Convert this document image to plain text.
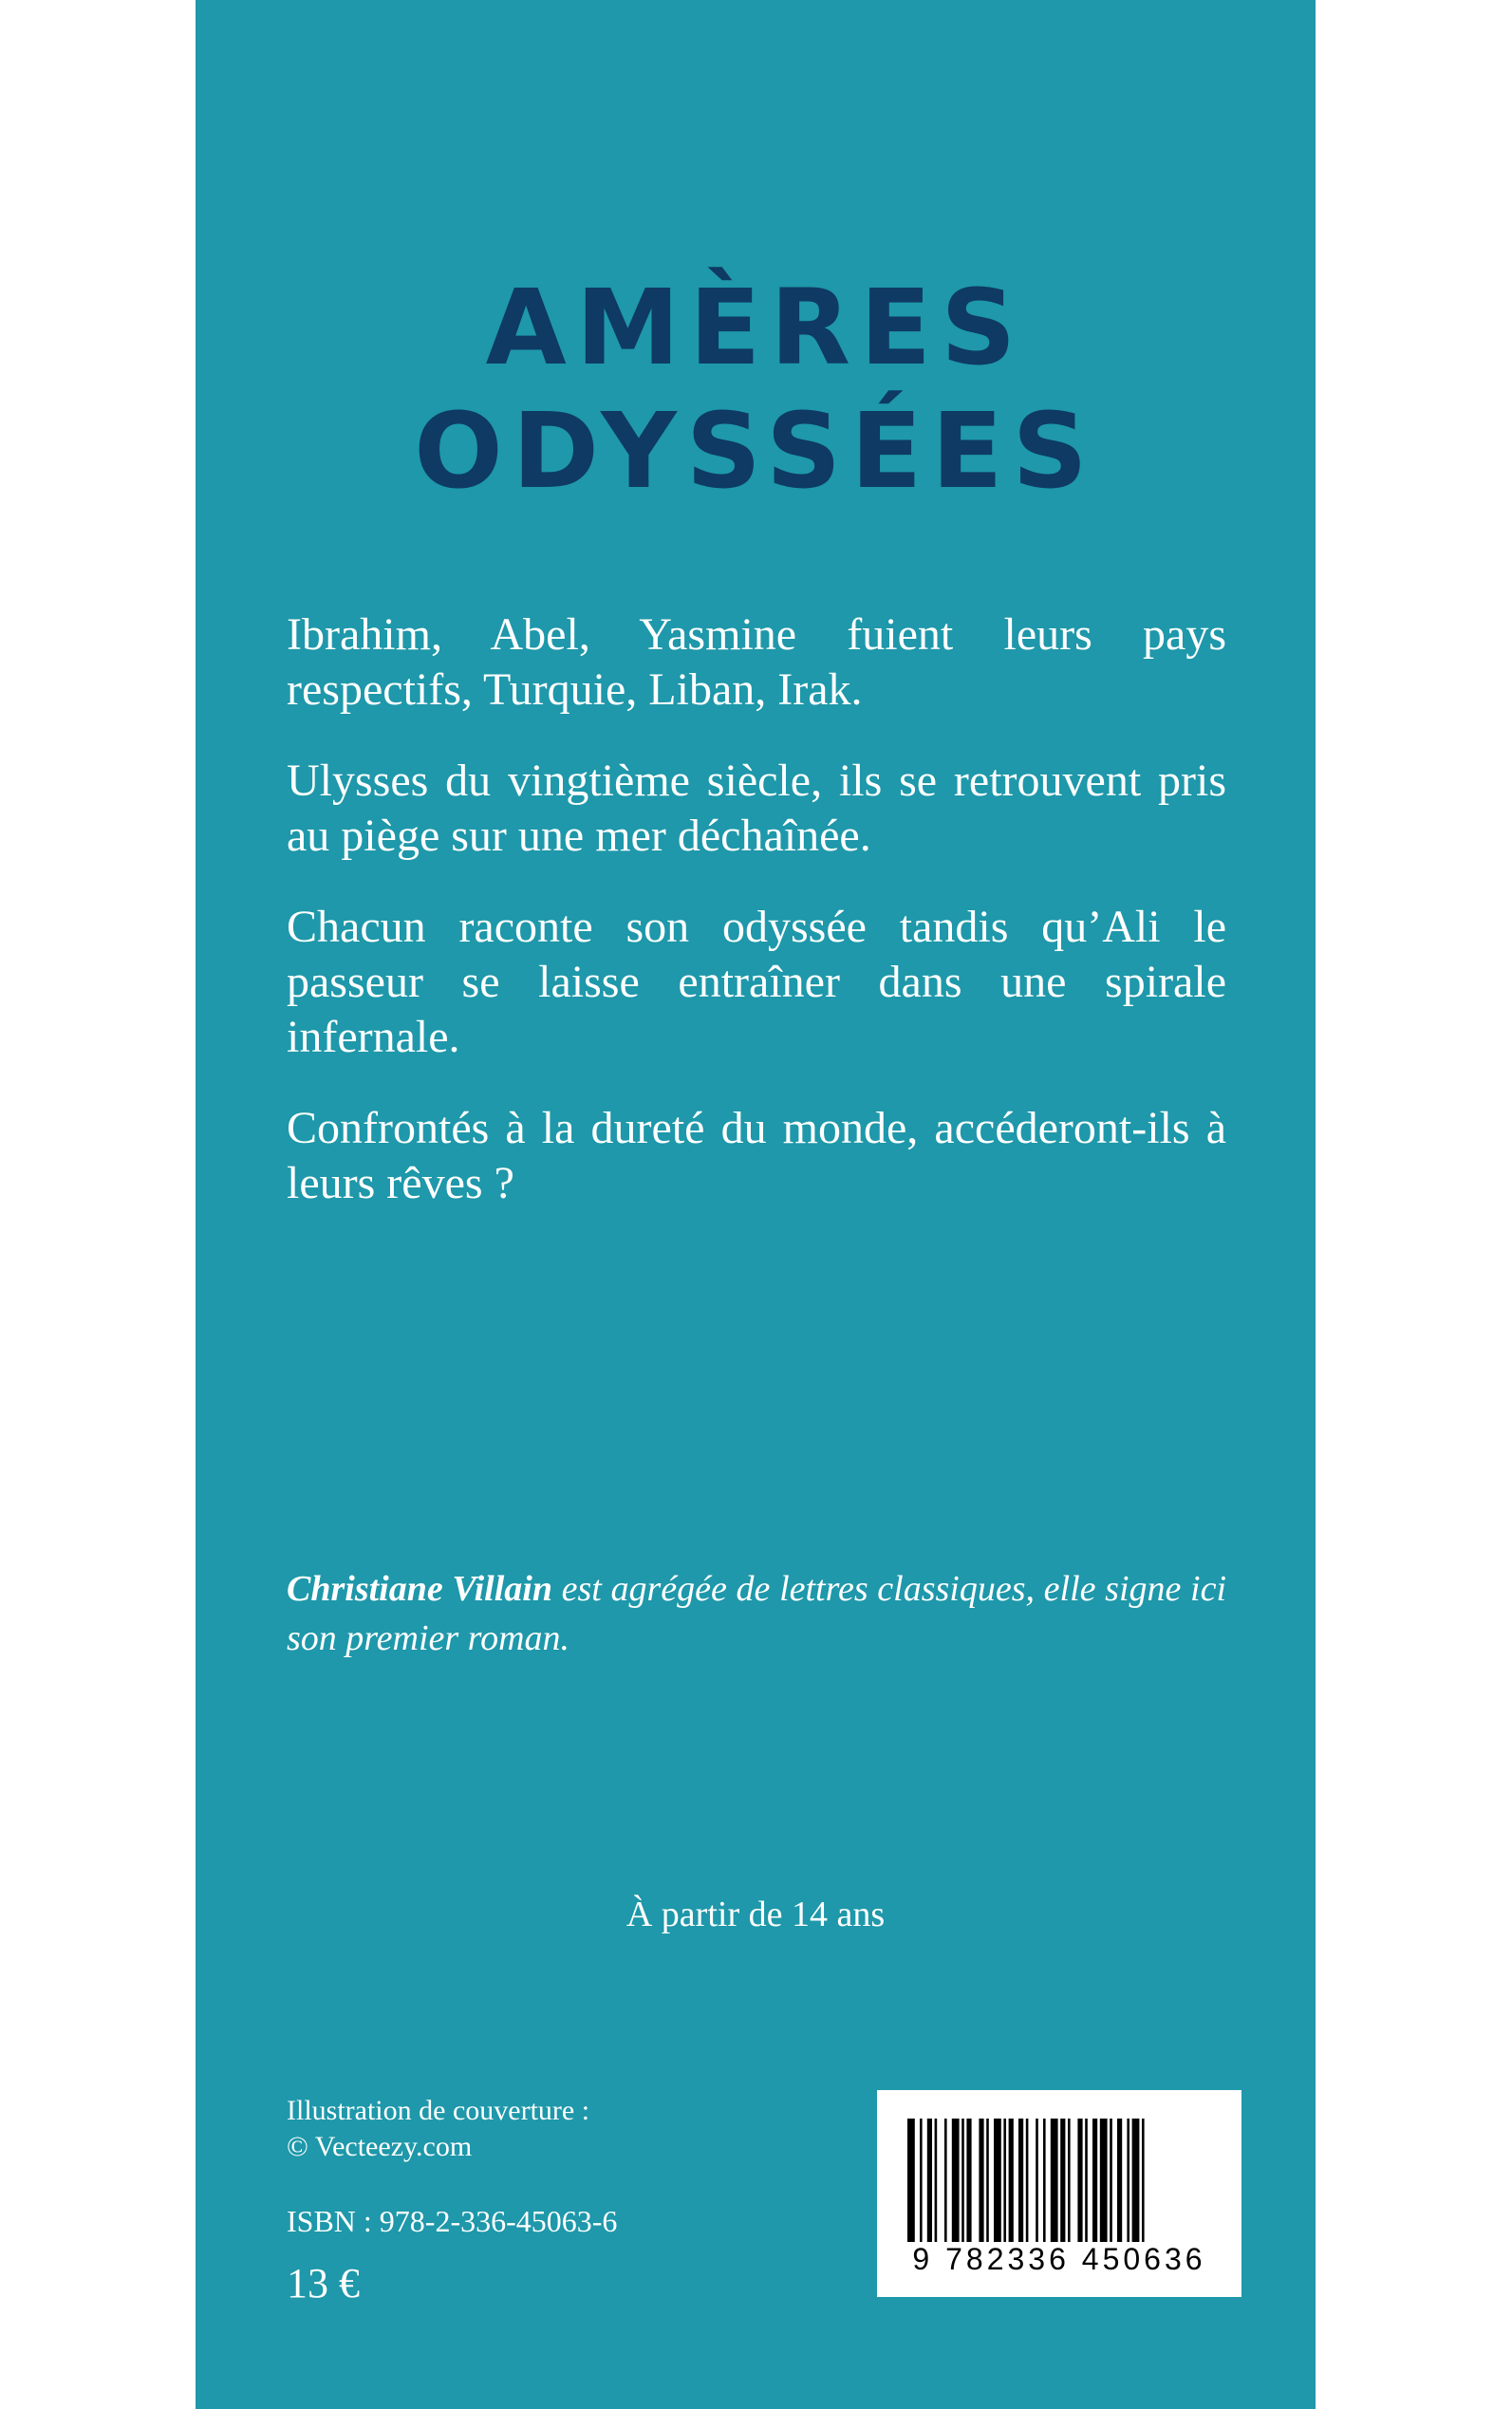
AMÈRES ODYSSÉES

Ibrahim, Abel, Yasmine fuient leurs pays respectifs, Turquie, Liban, Irak.

Ulysses du vingtième siècle, ils se retrouvent pris au piège sur une mer déchaînée.

Chacun raconte son odyssée tandis qu’Ali le passeur se laisse entraîner dans une spirale infernale.

Confrontés à la dureté du monde, accéderont-ils à leurs rêves ?

Christiane Villain est agrégée de lettres classiques, elle signe ici son premier roman.

À partir de 14 ans

Illustration de couverture :
© Vecteezy.com
ISBN : 978-2-336-45063-6
13 €
9 782336 450636
